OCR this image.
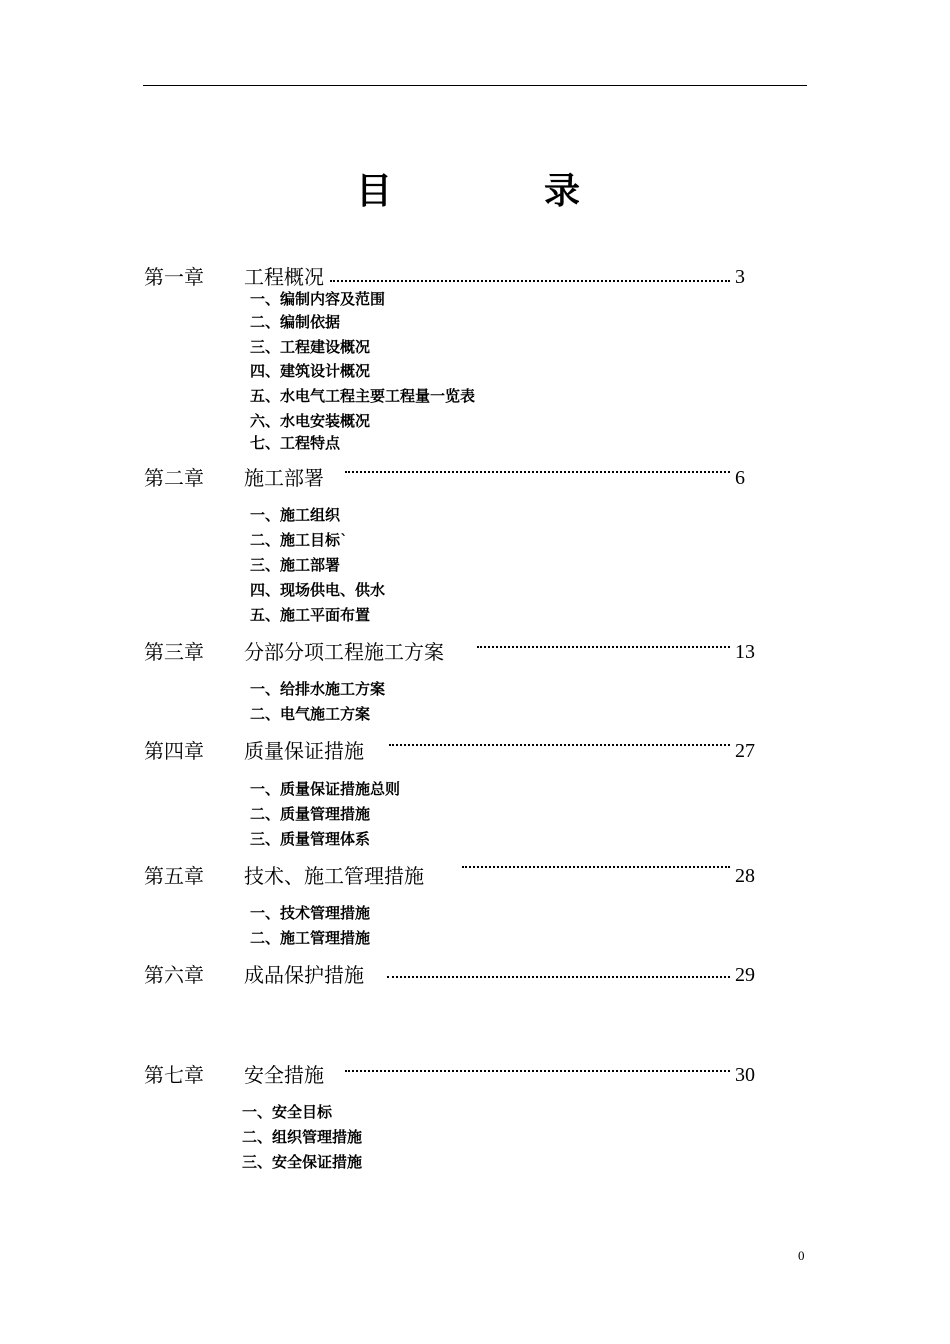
目	录
第一章 工程概况	3
一、编制内容及范围
二、编制依据
三、工程建设概况
四、建筑设计概况
五、水电气工程主要工程量一览表
六、水电安装概况
七、工程特点
第二章 施工部署	6
一、施工组织
二、施工目标`
三、施工部署
四、现场供电、供水
五、施工平面布置
第三章 分部分项工程施工方案	13
一、给排水施工方案
二、电气施工方案
第四章 质量保证措施	27
一、质量保证措施总则
二、质量管理措施
三、质量管理体系
第五章 技术、施工管理措施	28
一、技术管理措施
二、施工管理措施
第六章 成品保护措施	29
第七章 安全措施	30
一、安全目标
二、组织管理措施
三、安全保证措施
0
